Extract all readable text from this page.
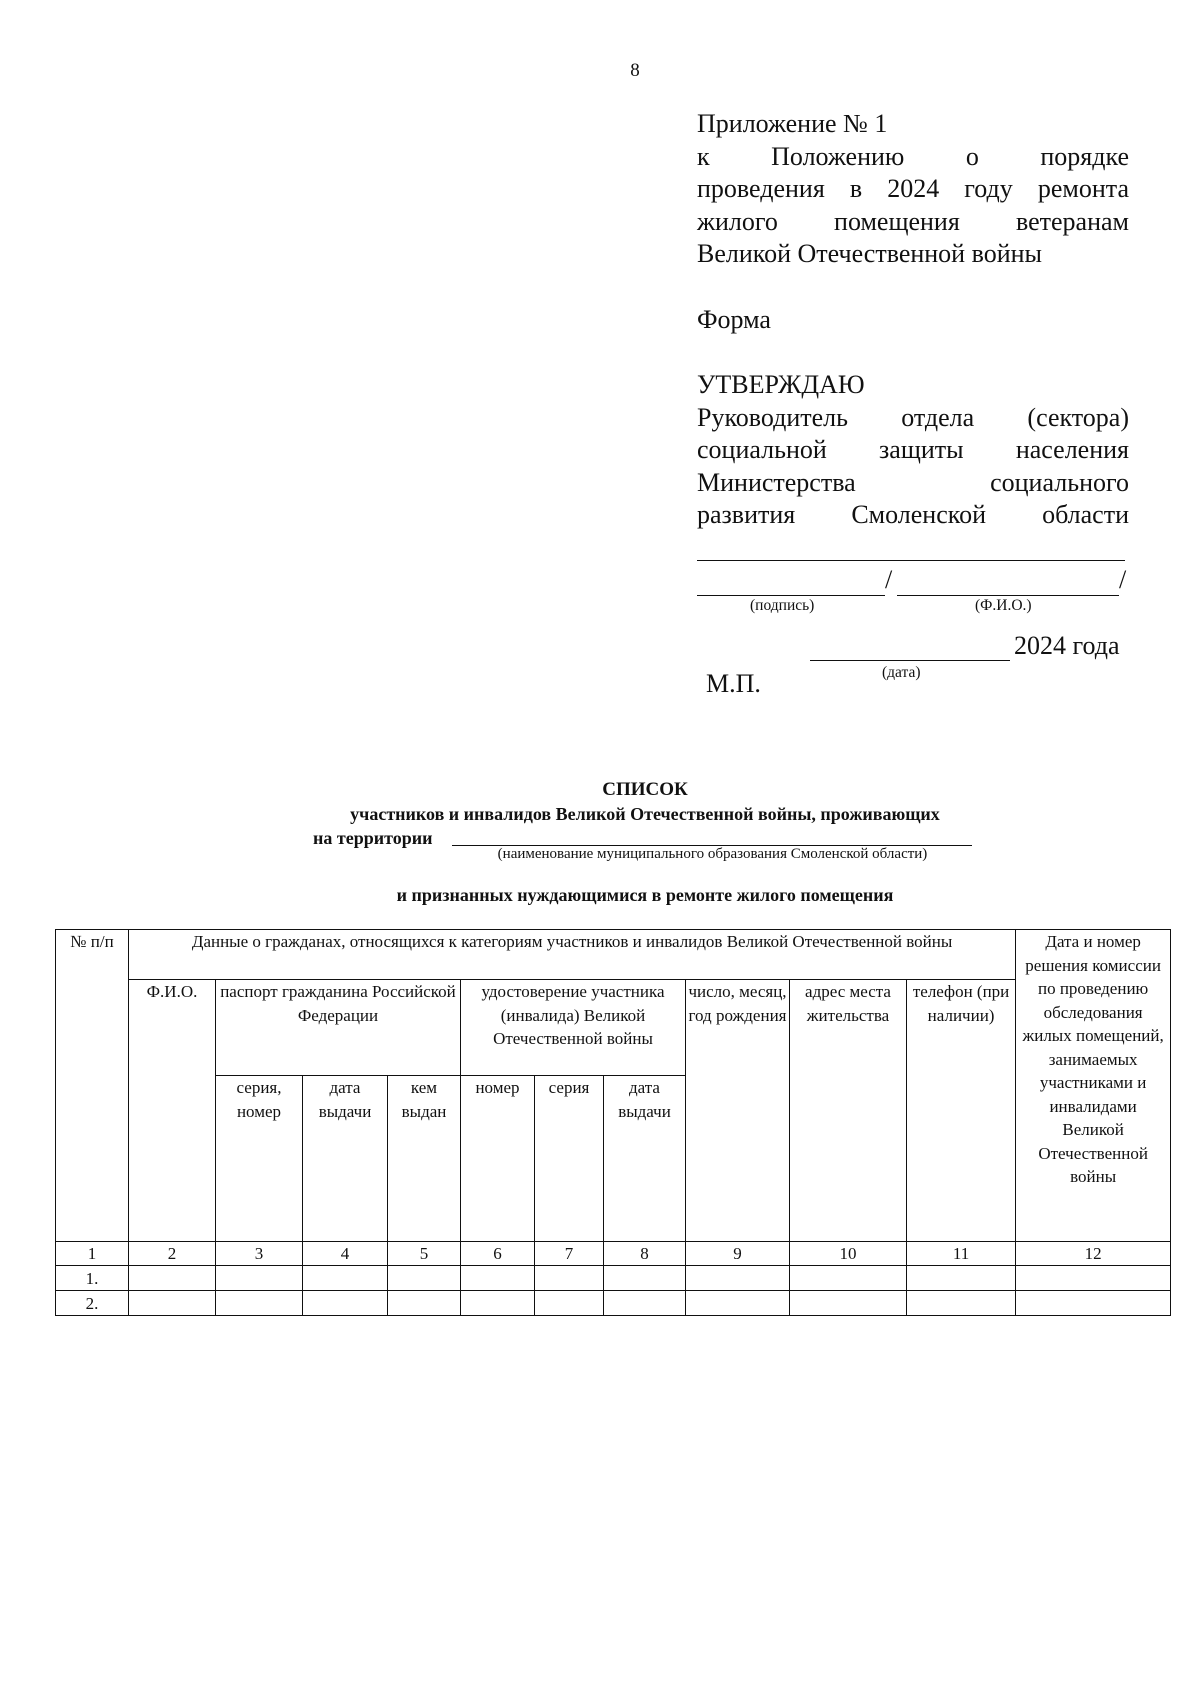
8
Приложение № 1
к Положению о порядке
проведения в 2024 году ремонта
жилого помещения ветеранам
Великой Отечественной войны
Форма
УТВЕРЖДАЮ
Руководитель отдела (сектора)
социальной защиты населения
Министерства социального
развития Смоленской области
/	/
(подпись)	(Ф.И.О.)
2024 года
(дата)
М.П.
СПИСОК
участников и инвалидов Великой Отечественной войны, проживающих
на территории
(наименование муниципального образования Смоленской области)
и признанных нуждающимися в ремонте жилого помещения
№ п/п	Данные о гражданах, относящихся к категориям участников и инвалидов Великой Отечественной войны										Дата и номер решения комиссии по проведению обследования жилых помещений, занимаемых участниками и инвалидами Великой Отечественной войны
	Ф.И.О.	паспорт гражданина Российской Федерации			удостоверение участника (инвалида) Великой Отечественной войны			число, месяц, год рождения	адрес места жительства	телефон (при наличии)	
		серия, номер	дата выдачи	кем выдан	номер	серия	дата выдачи				
1	2	3	4	5	6	7	8	9	10	11	12
1.											
2.											
